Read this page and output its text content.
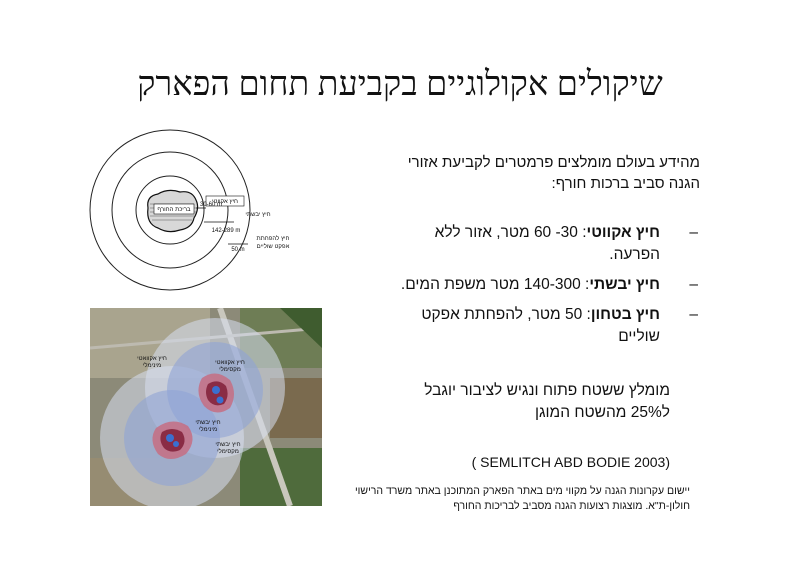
שיקולים אקולוגיים בקביעת תחום הפארק
מהידע בעולם מומלצים פרמטרים לקביעת אזורי הגנה סביב ברכות חורף:
–
חיץ אקווטי: 30- 60 מטר, אזור ללא הפרעה.
–
חיץ יבשתי: 140-300 מטר משפת המים.
–
חיץ בטחון: 50 מטר, להפחתת אפקט שוליים
מומלץ ששטח פתוח ונגיש לציבור יוגבל ל25% מהשטח המוגן
( SEMLITCH ABD BODIE 2003)
יישום עקרונות הגנה על מקווי מים באתר הפארק המתוכנן באתר משרד הרישוי חולון-ת"א. מוצגות רצועות הגנה מסביב לבריכות החורף
בריכת החורף
חיץ אקווטי
30-60 m
חיץ יבשתי
142-289 m
חיץ להפחתת
אפקט שוליים
50 m
חיץ אקוואטי
מינימלי	חיץ אקוואטי
מקסימלי
חיץ יבשתי
מינימלי
חיץ יבשתי
מקסימלי
